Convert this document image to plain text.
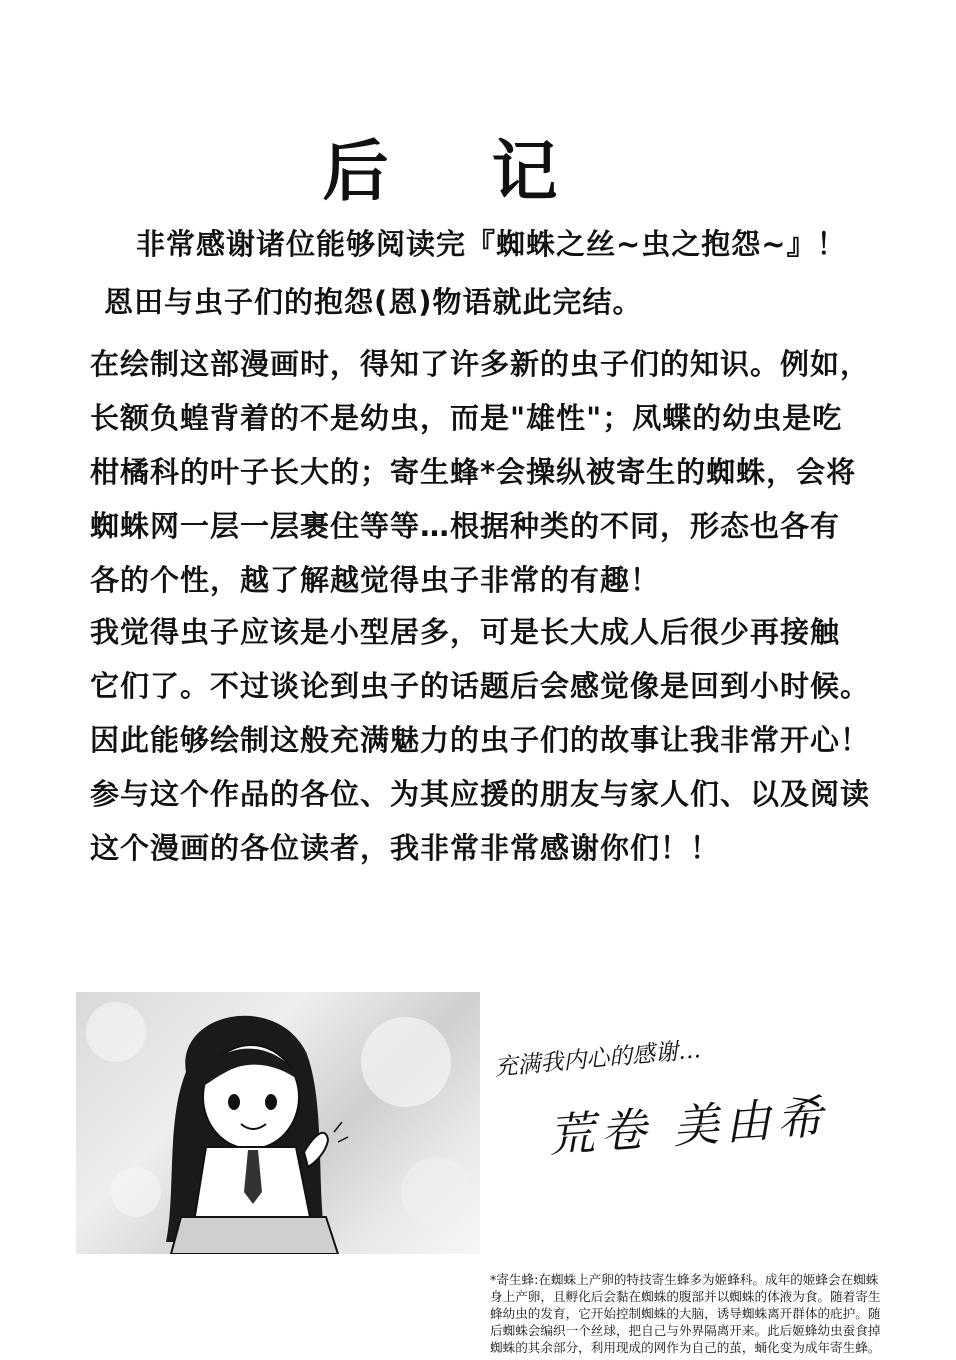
后 记
非常感谢诸位能够阅读完『蜘蛛之丝~虫之抱怨~』！
恩田与虫子们的抱怨(恩)物语就此完结。
在绘制这部漫画时，得知了许多新的虫子们的知识。例如，
长额负蝗背着的不是幼虫，而是"雄性"；凤蝶的幼虫是吃
柑橘科的叶子长大的；寄生蜂*会操纵被寄生的蜘蛛，会将
蜘蛛网一层一层裹住等等…根据种类的不同，形态也各有
各的个性，越了解越觉得虫子非常的有趣！
我觉得虫子应该是小型居多，可是长大成人后很少再接触
它们了。不过谈论到虫子的话题后会感觉像是回到小时候。
因此能够绘制这般充满魅力的虫子们的故事让我非常开心！
参与这个作品的各位、为其应援的朋友与家人们、以及阅读
这个漫画的各位读者，我非常非常感谢你们！！
充满我内心的感谢…
荒卷 美由希
*寄生蜂:在蜘蛛上产卵的特技寄生蜂多为姬蜂科。成年的姬蜂会在蜘蛛
身上产卵，且孵化后会黏在蜘蛛的腹部并以蜘蛛的体液为食。随着寄生
蜂幼虫的发育，它开始控制蜘蛛的大脑，诱导蜘蛛离开群体的庇护。随
后蜘蛛会编织一个丝球，把自己与外界隔离开来。此后姬蜂幼虫蚕食掉
蜘蛛的其余部分，利用现成的网作为自己的茧，蛹化变为成年寄生蜂。
